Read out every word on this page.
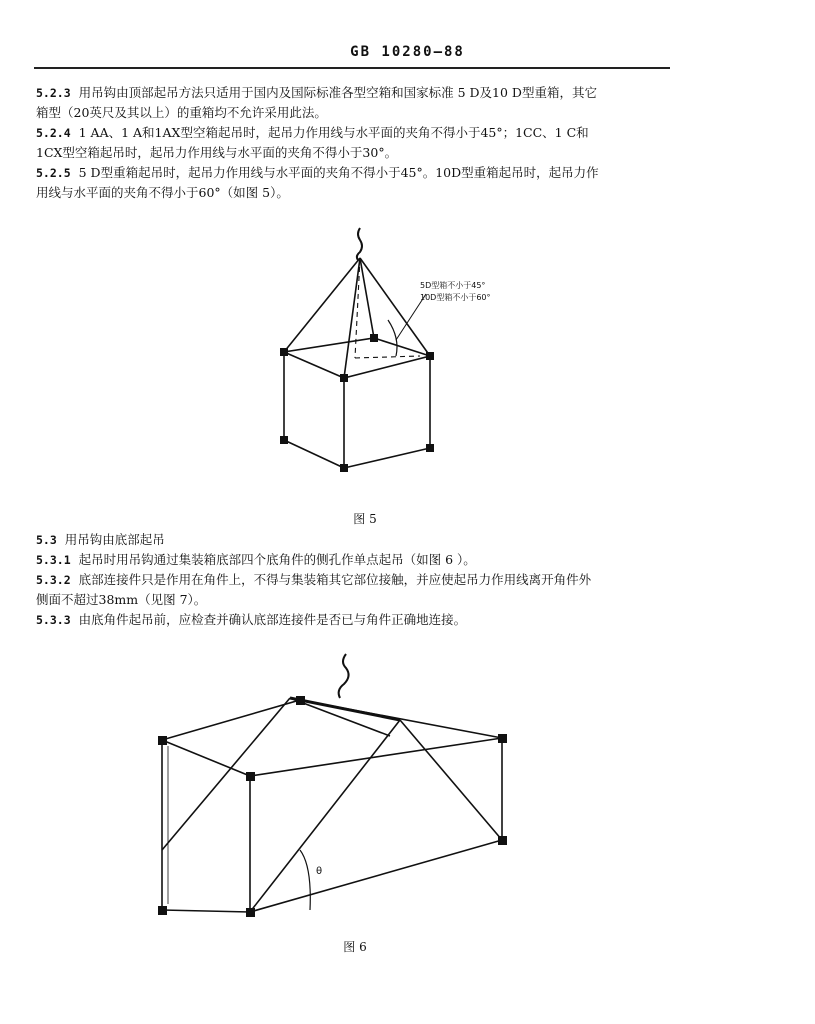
GB 10280—88
5.2.3 用吊钩由顶部起吊方法只适用于国内及国际标准各型空箱和国家标准 5 D及10 D型重箱，其它
箱型（20英尺及其以上）的重箱均不允许采用此法。
5.2.4 1 AA、1 A和1AX型空箱起吊时，起吊力作用线与水平面的夹角不得小于45°；1CC、1 C和
1CX型空箱起吊时，起吊力作用线与水平面的夹角不得小于30°。
5.2.5 5 D型重箱起吊时，起吊力作用线与水平面的夹角不得小于45°。10D型重箱起吊时，起吊力作
用线与水平面的夹角不得小于60°（如图 5）。
5D型箱不小于45°
10D型箱不小于60°
图 5
5.3 用吊钩由底部起吊
5.3.1 起吊时用吊钩通过集装箱底部四个底角件的侧孔作单点起吊（如图 6 ）。
5.3.2 底部连接件只是作用在角件上，不得与集装箱其它部位接触，并应使起吊力作用线离开角件外
侧面不超过38mm（见图 7）。
5.3.3 由底角件起吊前，应检查并确认底部连接件是否已与角件正确地连接。
θ
图 6
